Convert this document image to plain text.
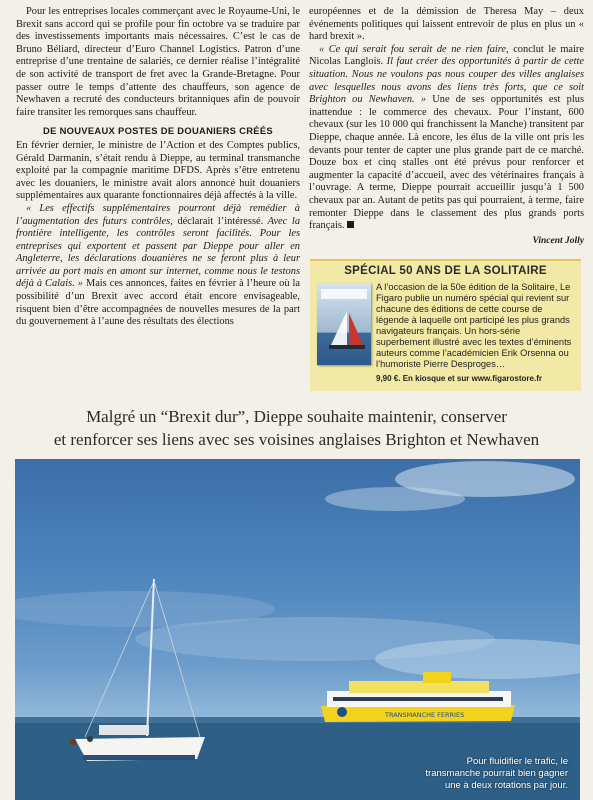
Pour les entreprises locales commerçant avec le Royaume-Uni, le Brexit sans accord qui se profile pour fin octobre va se traduire par des investissements importants mais nécessaires. C’est le cas de Bruno Béliard, directeur d’Euro Channel Logistics. Patron d’une entreprise d’une trentaine de salariés, ce dernier réalise l’intégralité de son activité de transport de fret avec la Grande-Bretagne. Pour passer outre le temps d’attente des chauffeurs, son agence de Newhaven a recruté des conducteurs britanniques afin de pouvoir faire transiter les remorques sans chauffeur.

DE NOUVEAUX POSTES DE DOUANIERS CRÉÉS

En février dernier, le ministre de l’Action et des Comptes publics, Gérald Darmanin, s’était rendu à Dieppe, au terminal transmanche exploité par la compagnie maritime DFDS. Après s’être entretenu avec les douaniers, le ministre avait alors annoncé huit douaniers supplémentaires aux quarante fonctionnaires déjà affectés à la ville.

« Les effectifs supplémentaires pourront déjà remédier à l’augmentation des futurs contrôles, déclarait l’intéressé. Avec la frontière intelligente, les contrôles seront facilités. Pour les entreprises qui exportent et passent par Dieppe pour aller en Angleterre, les déclarations douanières ne se feront plus à leur arrivée au port mais en amont sur internet, comme nous le testons déjà à Calais. » Mais ces annonces, faites en février à l’heure où la possibilité d’un Brexit avec accord était encore envisageable, risquent bien d’être accompagnées de nouvelles mesures de la part du gouvernement à l’aune des résultats des élections

européennes et de la démission de Theresa May – deux événements politiques qui laissent entrevoir de plus en plus un « hard brexit ».

« Ce qui serait fou serait de ne rien faire, conclut le maire Nicolas Langlois. Il faut créer des opportunités à partir de cette situation. Nous ne voulons pas nous couper des villes anglaises avec lesquelles nous avons des liens très forts, que ce soit Brighton ou Newhaven. » Une de ses opportunités est plus inattendue : le commerce des chevaux. Pour l’instant, 600 chevaux (sur les 10 000 qui franchissent la Manche) transitent par Dieppe, chaque année. Là encore, les élus de la ville ont pris les devants pour tenter de capter une plus grande part de ce marché. Douze box et cinq stalles ont été prévus pour renforcer et augmenter la capacité d’accueil, avec des vétérinaires français à l’ouvrage. A terme, Dieppe pourrait accueillir jusqu’à 1 500 chevaux par an. Autant de petits pas qui pourraient, à terme, faire remonter Dieppe dans le classement des plus grands ports français.

Vincent Jolly

SPÉCIAL 50 ANS DE LA SOLITAIRE
A l’occasion de la 50e édition de la Solitaire, Le Figaro publie un numéro spécial qui revient sur chacune des éditions de cette course de légende à laquelle ont participé les plus grands navigateurs français. Un hors-série superbement illustré avec les textes d’éminents auteurs comme l’académicien Erik Orsenna ou l’humoriste Pierre Desproges…
9,90 €. En kiosque et sur www.figarostore.fr
Malgré un “Brexit dur”, Dieppe souhaite maintenir, conserver
et renforcer ses liens avec ses voisines anglaises Brighton et Newhaven
TRANSMANCHE FERRIES
Pour fluidifier le trafic, le transmanche pourrait bien gagner une à deux rotations par jour.
